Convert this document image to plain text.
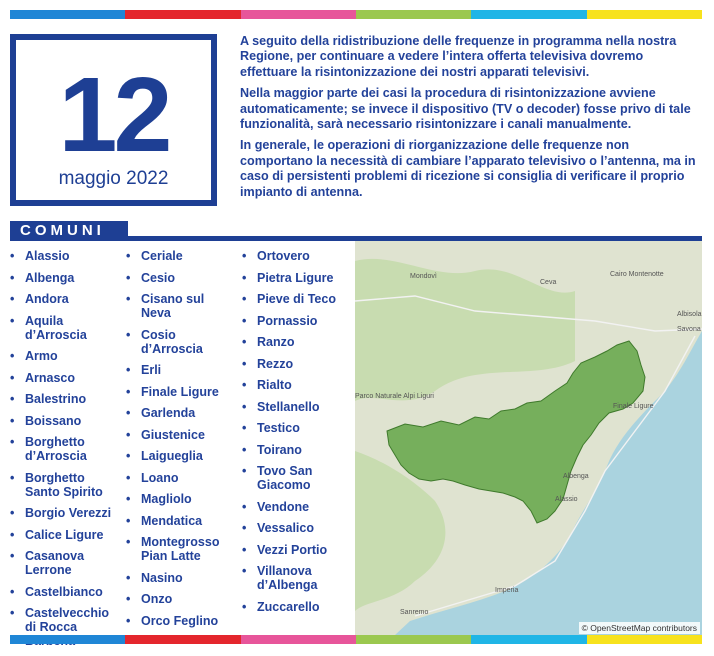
12
maggio 2022

A seguito della ridistribuzione delle frequenze in programma nella nostra Regione, per continuare a vedere l’intera offerta televisiva dovremo effettuare la risintonizzazione dei nostri apparati televisivi.

Nella maggior parte dei casi la procedura di risintonizzazione avviene automaticamente; se invece il dispositivo (TV o decoder) fosse privo di tale funzionalità, sarà necessario risintonizzare i canali manualmente.

In generale, le operazioni di riorganizzazione delle frequenze non comportano la necessità di cambiare l’apparato televisivo o l’antenna, ma in caso di persistenti problemi di ricezione si consiglia di verificare il proprio impianto di antenna.

COMUNI
• Alassio
• Albenga
• Andora
• Aquila d’Arroscia
• Armo
• Arnasco
• Balestrino
• Boissano
• Borghetto d’Arroscia
• Borghetto Santo Spirito
• Borgio Verezzi
• Calice Ligure
• Casanova Lerrone
• Castelbianco
• Castelvecchio di Rocca
• Ceriale
• Cesio
• Cisano sul Neva
• Cosio d’Arroscia
• Erli
• Finale Ligure
• Garlenda
• Giustenice
• Laigueglia
• Loano
• Magliolo
• Mendatica
• Montegrosso Pian Latte
• Nasino
• Onzo
• Orco Feglino
• Ortovero
• Pietra Ligure
• Pieve di Teco
• Pornassio
• Ranzo
• Rezzo
• Rialto
• Stellanello
• Testico
• Toirano
• Tovo San Giacomo
• Vendone
• Vessalico
• Vezzi Portio
• Villanova d’Albenga
• Zuccarello
Mondovì
Ceva
Cairo Montenotte
Savona
Albisola
Finale Ligure
Albenga
Alassio
Imperia
Sanremo
Parco Naturale Alpi Liguri
© OpenStreetMap contributors
